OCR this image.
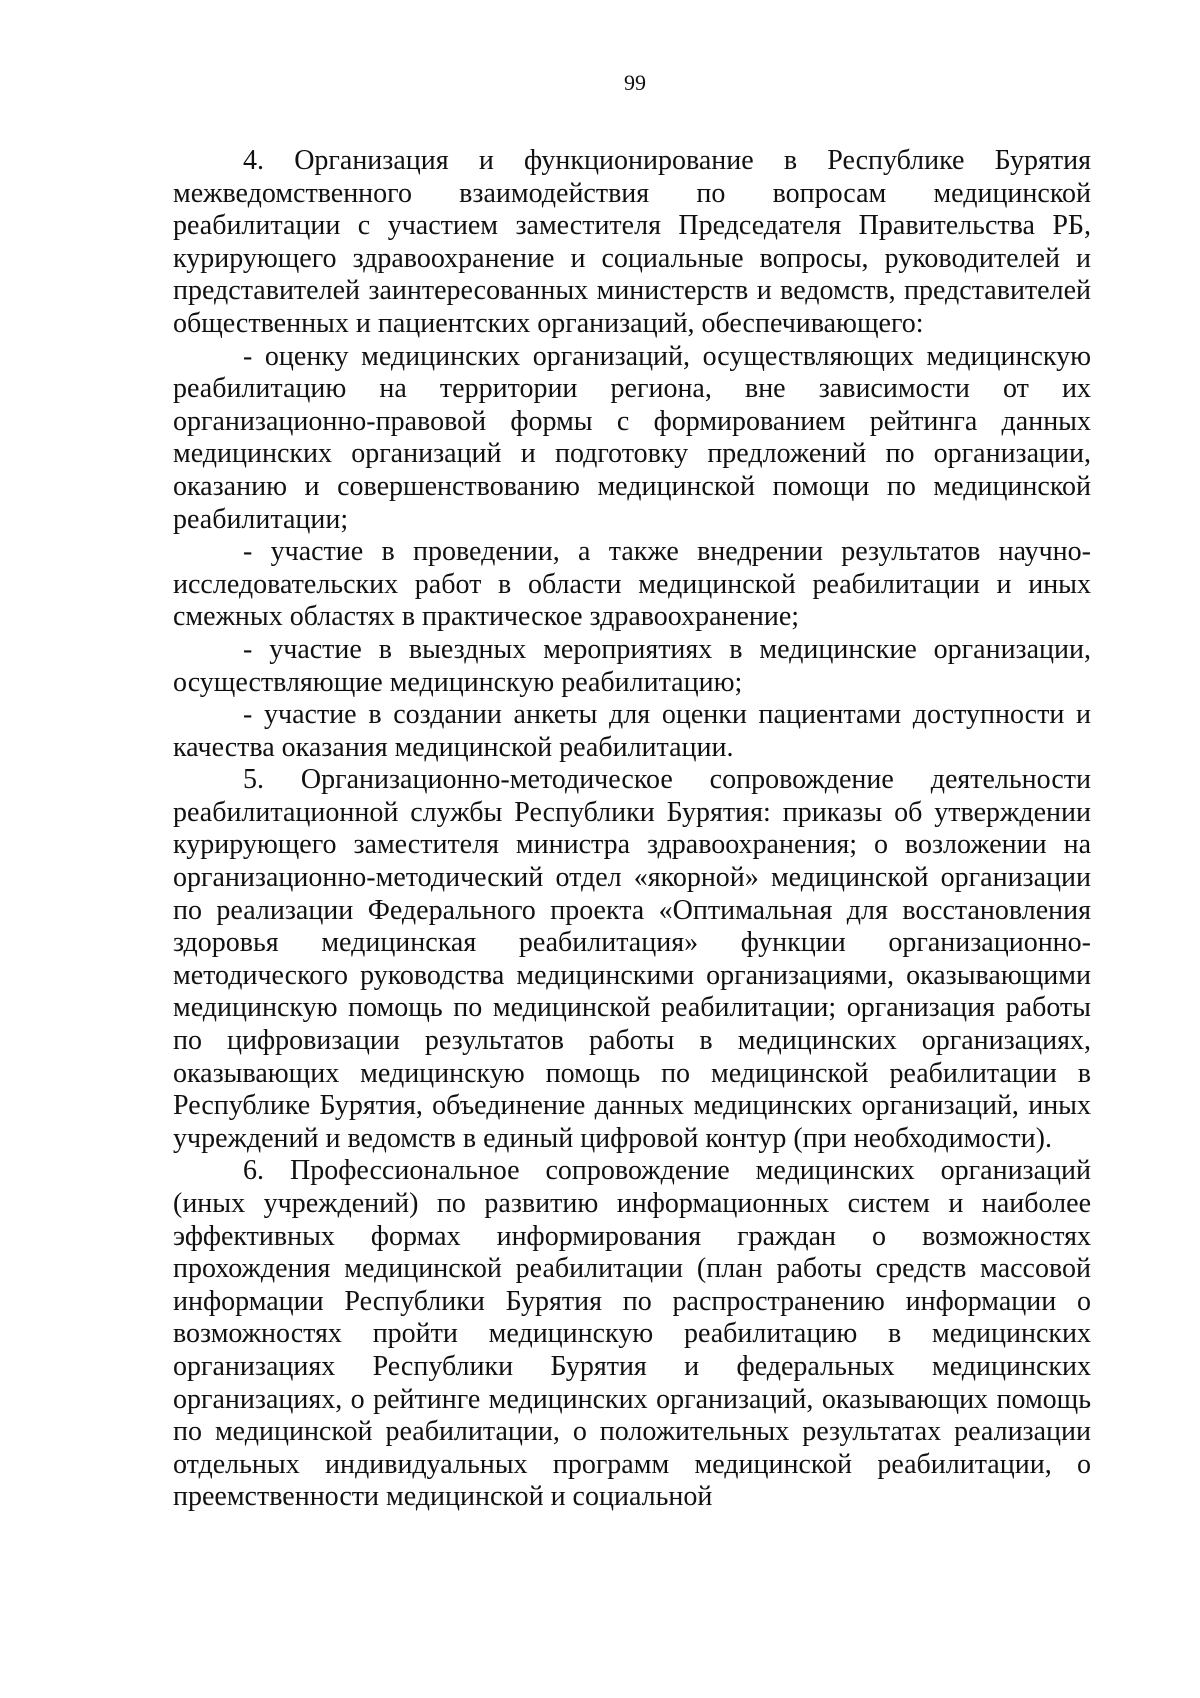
99

4. Организация и функционирование в Республике Бурятия межведомственного взаимодействия по вопросам медицинской реабилитации с участием заместителя Председателя Правительства РБ, курирующего здравоохранение и социальные вопросы, руководителей и представителей заинтересованных министерств и ведомств, представителей общественных и пациентских организаций, обеспечивающего:

- оценку медицинских организаций, осуществляющих медицинскую реабилитацию на территории региона, вне зависимости от их организационно-правовой формы с формированием рейтинга данных медицинских организаций и подготовку предложений по организации, оказанию и совершенствованию медицинской помощи по медицинской реабилитации;

- участие в проведении, а также внедрении результатов научно-исследовательских работ в области медицинской реабилитации и иных смежных областях в практическое здравоохранение;

- участие в выездных мероприятиях в медицинские организации, осуществляющие медицинскую реабилитацию;

- участие в создании анкеты для оценки пациентами доступности и качества оказания медицинской реабилитации.

5. Организационно-методическое сопровождение деятельности реабилитационной службы Республики Бурятия: приказы об утверждении курирующего заместителя министра здравоохранения; о возложении на организационно-методический отдел «якорной» медицинской организации по реализации Федерального проекта «Оптимальная для восстановления здоровья медицинская реабилитация» функции организационно-методического руководства медицинскими организациями, оказывающими медицинскую помощь по медицинской реабилитации; организация работы по цифровизации результатов работы в медицинских организациях, оказывающих медицинскую помощь по медицинской реабилитации в Республике Бурятия, объединение данных медицинских организаций, иных учреждений и ведомств в единый цифровой контур (при необходимости).

6. Профессиональное сопровождение медицинских организаций (иных учреждений) по развитию информационных систем и наиболее эффективных формах информирования граждан о возможностях прохождения медицинской реабилитации (план работы средств массовой информации Республики Бурятия по распространению информации о возможностях пройти медицинскую реабилитацию в медицинских организациях Республики Бурятия и федеральных медицинских организациях, о рейтинге медицинских организаций, оказывающих помощь по медицинской реабилитации, о положительных результатах реализации отдельных индивидуальных программ медицинской реабилитации, о преемственности медицинской и социальной
